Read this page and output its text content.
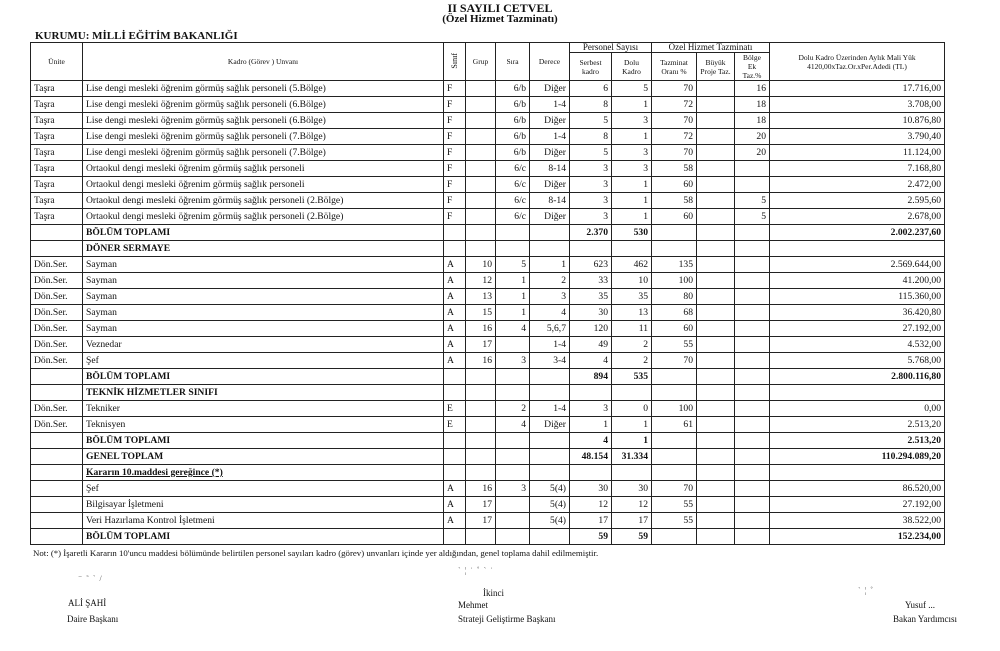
II SAYILI CETVEL
(Özel Hizmet Tazminatı)
KURUMU: MİLLİ EĞİTİM BAKANLIĞI
Ünite	Kadro (Görev ) Unvanı	Sınıf	Grup	Sıra	Derece	Personel Sayısı		Özel Hizmet Tazminatı			Dolu Kadro Üzerinden Aylık Mali Yük 4120,00xTaz.Or.xPer.Adedi (TL)
						Serbest kadro	Dolu Kadro	Tazminat Oranı %	Büyük Proje Taz.	Bölge Ek Taz.%	
Taşra	Lise dengi mesleki öğrenim görmüş sağlık personeli (5.Bölge)	F		6/b	Diğer	6	5	70		16	17.716,00
Taşra	Lise dengi mesleki öğrenim görmüş sağlık personeli (6.Bölge)	F		6/b	1-4	8	1	72		18	3.708,00
Taşra	Lise dengi mesleki öğrenim görmüş sağlık personeli (6.Bölge)	F		6/b	Diğer	5	3	70		18	10.876,80
Taşra	Lise dengi mesleki öğrenim görmüş sağlık personeli (7.Bölge)	F		6/b	1-4	8	1	72		20	3.790,40
Taşra	Lise dengi mesleki öğrenim görmüş sağlık personeli (7.Bölge)	F		6/b	Diğer	5	3	70		20	11.124,00
Taşra	Ortaokul dengi mesleki öğrenim görmüş sağlık personeli	F		6/c	8-14	3	3	58			7.168,80
Taşra	Ortaokul dengi mesleki öğrenim görmüş sağlık personeli	F		6/c	Diğer	3	1	60			2.472,00
Taşra	Ortaokul dengi mesleki öğrenim görmüş sağlık personeli (2.Bölge)	F		6/c	8-14	3	1	58		5	2.595,60
Taşra	Ortaokul dengi mesleki öğrenim görmüş sağlık personeli (2.Bölge)	F		6/c	Diğer	3	1	60		5	2.678,00
	BÖLÜM TOPLAMI					2.370	530				2.002.237,60
	DÖNER SERMAYE										
Dön.Ser.	Sayman	A	10	5	1	623	462	135			2.569.644,00
Dön.Ser.	Sayman	A	12	1	2	33	10	100			41.200,00
Dön.Ser.	Sayman	A	13	1	3	35	35	80			115.360,00
Dön.Ser.	Sayman	A	15	1	4	30	13	68			36.420,80
Dön.Ser.	Sayman	A	16	4	5,6,7	120	11	60			27.192,00
Dön.Ser.	Veznedar	A	17		1-4	49	2	55			4.532,00
Dön.Ser.	Şef	A	16	3	3-4	4	2	70			5.768,00
	BÖLÜM TOPLAMI					894	535				2.800.116,80
	TEKNİK HİZMETLER SINIFI										
Dön.Ser.	Tekniker	E		2	1-4	3	0	100			0,00
Dön.Ser.	Teknisyen	E		4	Diğer	1	1	61			2.513,20
	BÖLÜM TOPLAMI					4	1				2.513,20
	GENEL TOPLAM					48.154	31.334				110.294.089,20
	Kararın 10.maddesi gereğince (*)										
	Şef	A	16	3	5(4)	30	30	70			86.520,00
	Bilgisayar İşletmeni	A	17		5(4)	12	12	55			27.192,00
	Veri Hazırlama Kontrol İşletmeni	A	17		5(4)	17	17	55			38.522,00
	BÖLÜM TOPLAMI					59	59				152.234,00
Not: (*) İşaretli Kararın 10'uncu maddesi bölümünde belirtilen personel sayıları kadro (görev) unvanları içinde yer aldığından, genel toplama dahil edilmemiştir.
⁻ ˜ ˋ /
ˋ ¦ ˙ ˚ ˋ ˙
ˋ ¦ ˚
ALİ ŞAHİ
Daire Başkanı
İkinci
Mehmet
Strateji Geliştirme Başkanı
Yusuf ...
Bakan Yardımcısı
